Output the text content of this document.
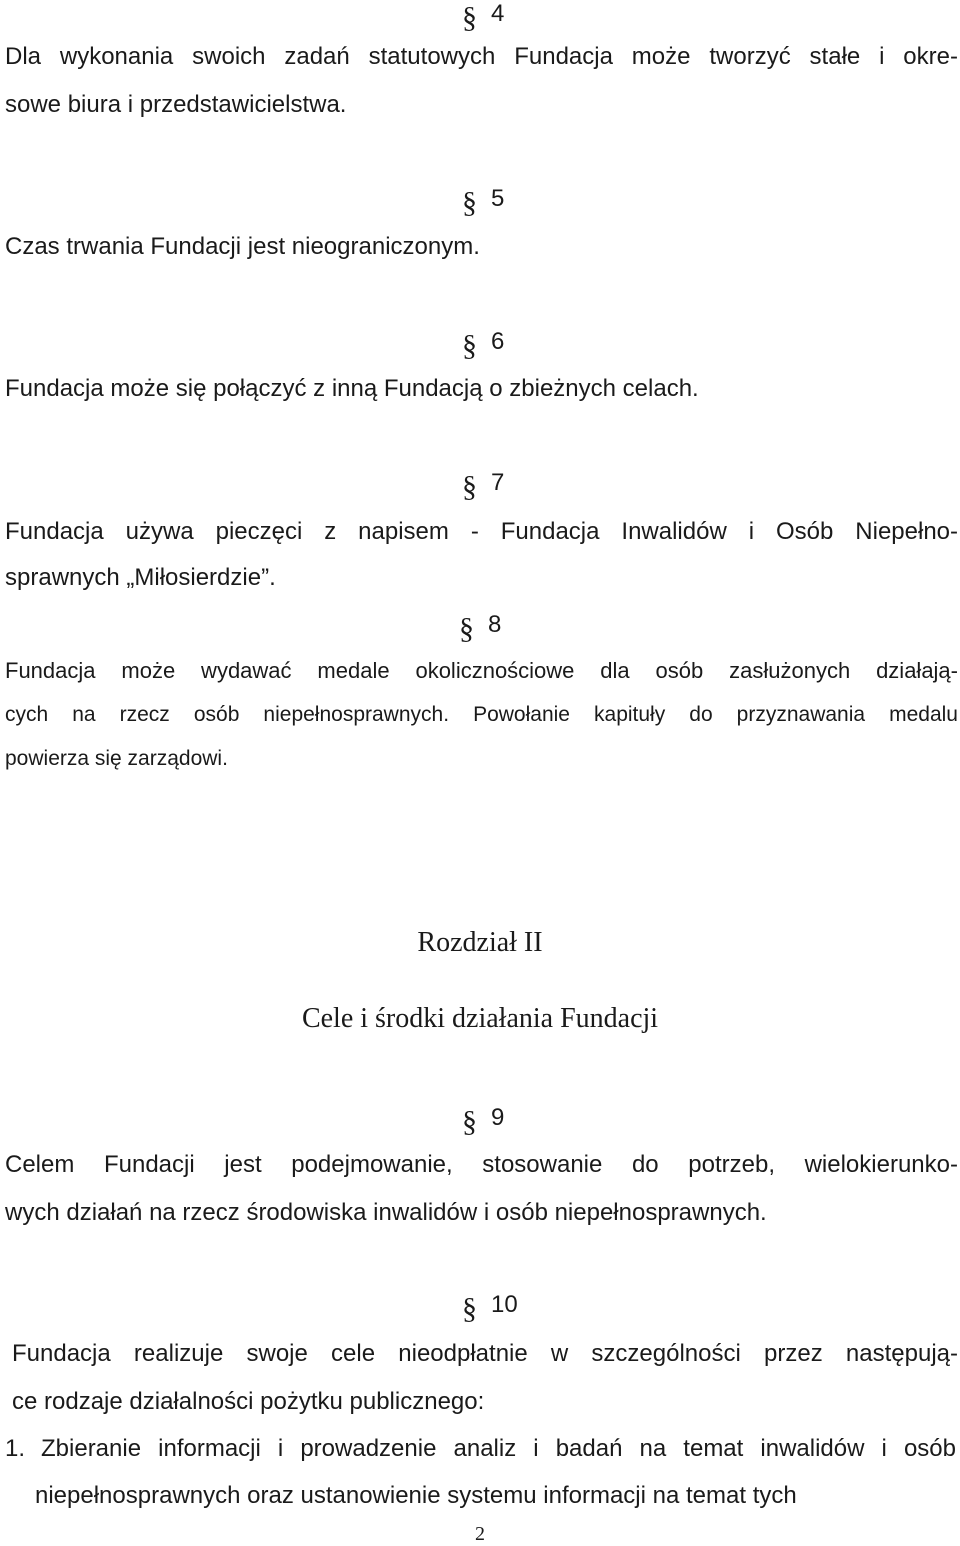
§ 4
Dla wykonania swoich zadań statutowych Fundacja może tworzyć stałe i okre-
sowe biura i przedstawicielstwa.
§ 5
Czas trwania Fundacji jest nieograniczonym.
§ 6
Fundacja może się połączyć z inną Fundacją o zbieżnych celach.
§ 7
Fundacja używa pieczęci z napisem - Fundacja Inwalidów i Osób Niepełno-
sprawnych „Miłosierdzie”.
§ 8
Fundacja może wydawać medale okolicznościowe dla osób zasłużonych działają-
cych na rzecz osób niepełnosprawnych. Powołanie kapituły do przyznawania medalu
powierza się zarządowi.
Rozdział II
Cele i środki działania Fundacji
§ 9
Celem Fundacji jest podejmowanie, stosowanie do potrzeb, wielokierunko-
wych działań na rzecz środowiska inwalidów i osób niepełnosprawnych.
§ 10
Fundacja realizuje swoje cele nieodpłatnie w szczególności przez następują-
ce rodzaje działalności pożytku publicznego:
1. Zbieranie informacji i prowadzenie analiz i badań na temat inwalidów i osób
niepełnosprawnych oraz ustanowienie systemu informacji na temat tych
2
